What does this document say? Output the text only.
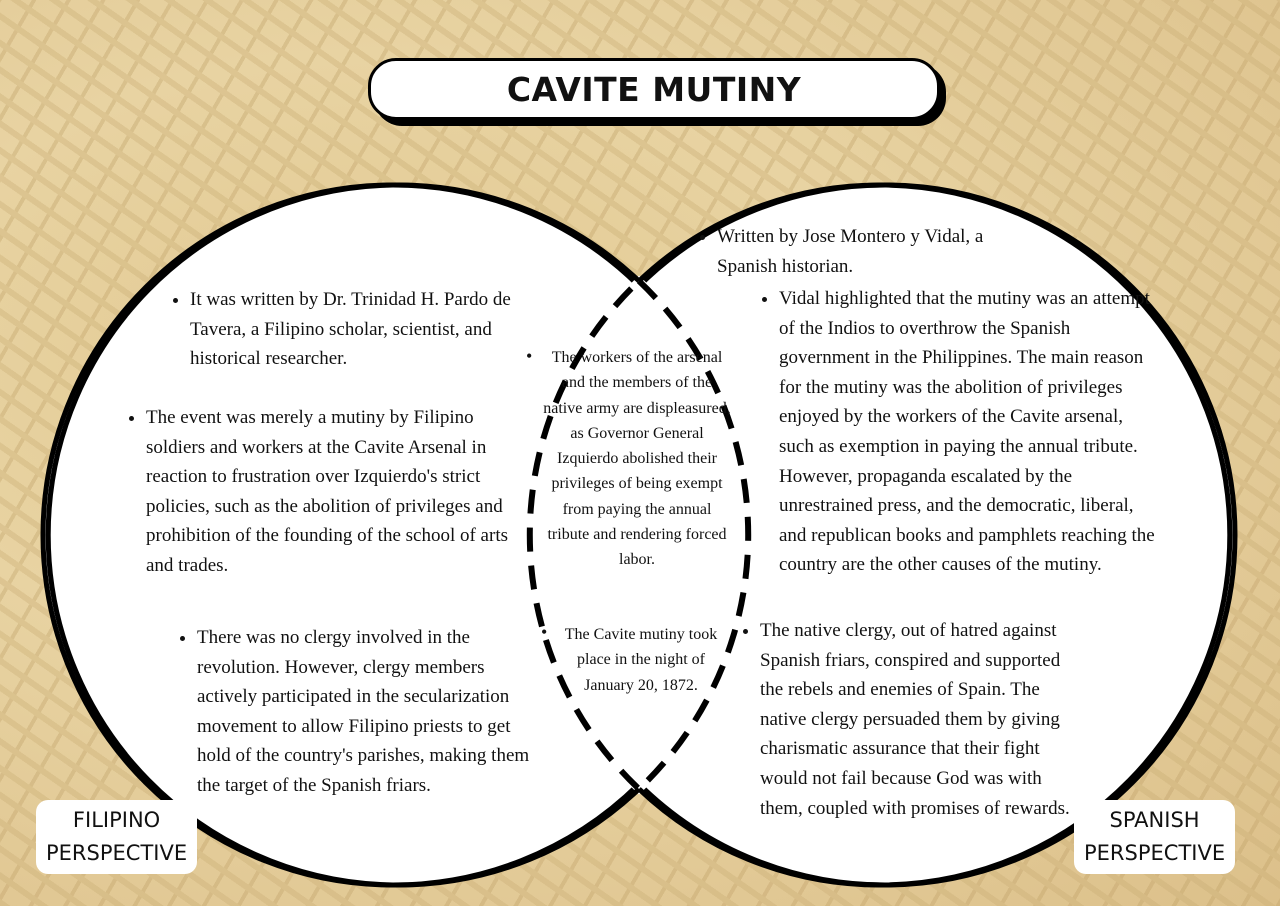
CAVITE MUTINY
• It was written by Dr. Trinidad H. Pardo de Tavera, a Filipino scholar, scientist, and historical researcher.
• The event was merely a mutiny by Filipino soldiers and workers at the Cavite Arsenal in reaction to frustration over Izquierdo's strict policies, such as the abolition of privileges and prohibition of the founding of the school of arts and trades.
• There was no clergy involved in the revolution. However, clergy members actively participated in the secularization movement to allow Filipino priests to get hold of the country's parishes, making them the target of the Spanish friars.
•	The workers of the arsenal and the members of the native army are displeasured, as Governor General Izquierdo abolished their privileges of being exempt from paying the annual tribute and rendering forced labor.
•	The Cavite mutiny took place in the night of January 20, 1872.
• Written by Jose Montero y Vidal, a Spanish historian.
• Vidal highlighted that the mutiny was an attempt of the Indios to overthrow the Spanish government in the Philippines. The main reason for the mutiny was the abolition of privileges enjoyed by the workers of the Cavite arsenal, such as exemption in paying the annual tribute. However, propaganda escalated by the unrestrained press, and the democratic, liberal, and republican books and pamphlets reaching the country are the other causes of the mutiny.
• The native clergy, out of hatred against Spanish friars, conspired and supported the rebels and enemies of Spain. The native clergy persuaded them by giving charismatic assurance that their fight would not fail because God was with them, coupled with promises of rewards.
FILIPINO
PERSPECTIVE
SPANISH
PERSPECTIVE
